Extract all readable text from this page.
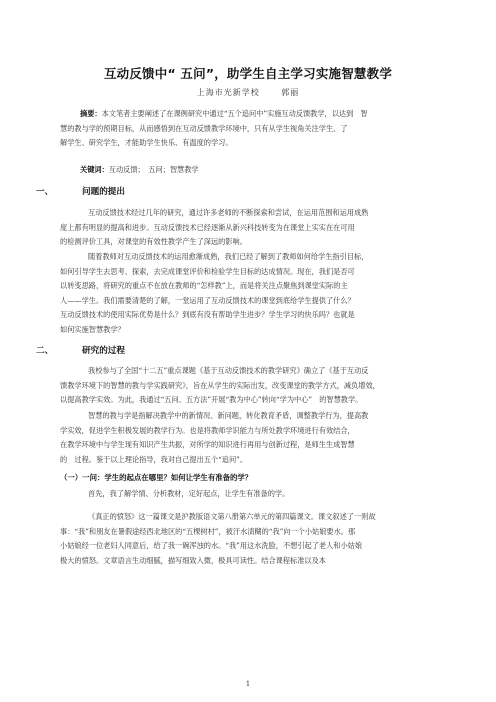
互动反馈中“ 五问”，助学生自主学习实施智慧教学
上海市光新学校	郭丽

摘要：本文笔者主要阐述了在课例研究中通过“五个追问中”实施互动反馈教学，以达到　智

慧的教与学的预期目标，从而感悟到在互动反馈教学环境中，只有从学生视角关注学生、了

解学生、研究学生，才能助学生快乐、有温度的学习。

关键词：互动反馈；　五问；智慧教学

一、	问题的提出

互动反馈技术经过几年的研究，通过许多老师的不断探索和尝试，在运用范围和运用成熟

度上都有明显的提高和进步。互动反馈技术已经逐渐从新兴科技转变为在课堂上实实在在可用

的检测评价工具，对课堂的有效性教学产生了深远的影响。

随着教师对互动反馈技术的运用愈渐成熟，我们已经了解到了教师如何给学生指引目标，

如何引导学生去思考、探索，去完成课堂评价和检验学生目标的达成情况。现在，我们是否可

以转变思路，将研究的重点不在放在教师的“怎样教”上，而是将关注点聚焦到课堂实际的主

人——学生。我们需要清楚的了解，一堂运用了互动反馈技术的课堂到底给学生提供了什么？

互动反馈技术的使用实际优势是什么？到底有没有帮助学生进步？学生学习的快乐吗？也就是

如何实施智慧教学？

二、	研究的过程

我校参与了全国“十二五”重点课题《基于互动反馈技术的教学研究》确立了《基于互动反

馈教学环境下的智慧的教与学实践研究》，旨在从学生的实际出发，改变课堂的教学方式，减负增效，

以提高教学实效。为此，我通过“五问、五方法”开展“教为中心”转向“学为中心”　的智慧教学。

智慧的教与学是指解决教学中的新情况、新问题，转化教育矛盾，调整教学行为，提高教

学实效，促进学生积极发展的教学行为。也是将教师学识能力与所处教学环境进行有效结合，

在教学环境中与学生现有知识产生共振，对所学的知识进行再用与创新过程，是师生生成智慧

的　过程。鉴于以上理论指导，我对自己提出五个“追问”。

（一）一问：学生的起点在哪里？如何让学生有准备的学？

首先，我了解学情、分析教材，定好起点，让学生有准备的学。

《真正的愤怒》这一篇课文是沪教版语文第八册第六单元的第四篇课文。课文叙述了一则故

事：“我”和朋友在暑假途经西北地区的“五棵树村”，被汗水渍糊的“我”向一个小姑娘要水。那

小姑娘经一位老妇人同意后，给了我一碗浑浊的水。“我”用这水洗脸，不想引起了老人和小姑娘

极大的愤怒。文章语言生动细腻，描写细致入微，极具可读性。结合课程标准以及本

1
